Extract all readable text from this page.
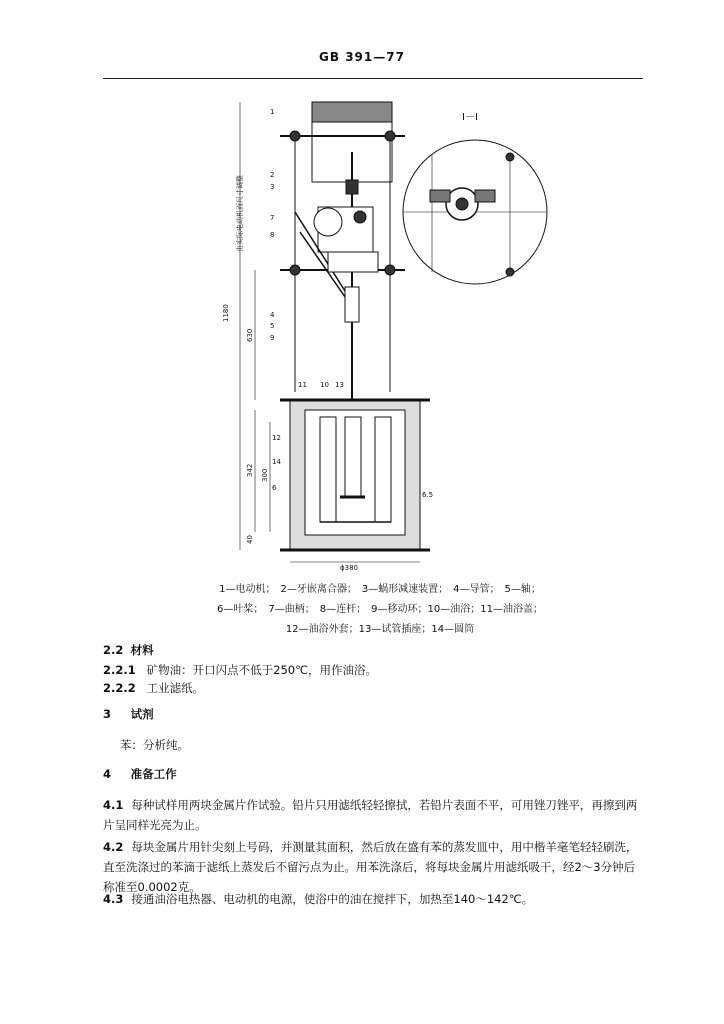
GB 391—77
1180
630
342 300
40
ϕ380
6.5
由实际电动机而尺寸调整
1
2
3
7
8
4
5
9
11 10 13
12
14
6
I－I
1—电动机；　2—牙嵌离合器；　3—蜗形减速装置；　4—导管；　5—轴；
6—叶桨；　7—曲柄；　8—连杆；　9—移动环；10—油浴；11—油浴盖；
12—油浴外套；13—试管插座；14—圆筒
2.2 材料
2.2.1 矿物油：开口闪点不低于250℃，用作油浴。
2.2.2 工业滤纸。
3 试剂
苯：分析纯。
4 准备工作
4.1 每种试样用两块金属片作试验。铅片只用滤纸轻轻擦拭，若铅片表面不平，可用锉刀锉平，再擦到两片呈同样光亮为止。
4.2 每块金属片用针尖刻上号码，并测量其面积，然后放在盛有苯的蒸发皿中，用中楷羊毫笔轻轻刷洗，直至洗涤过的苯滴于滤纸上蒸发后不留污点为止。用苯洗涤后，将每块金属片用滤纸吸干，经2～3分钟后称准至0.0002克。
4.3 接通油浴电热器、电动机的电源，使浴中的油在搅拌下，加热至140～142℃。
